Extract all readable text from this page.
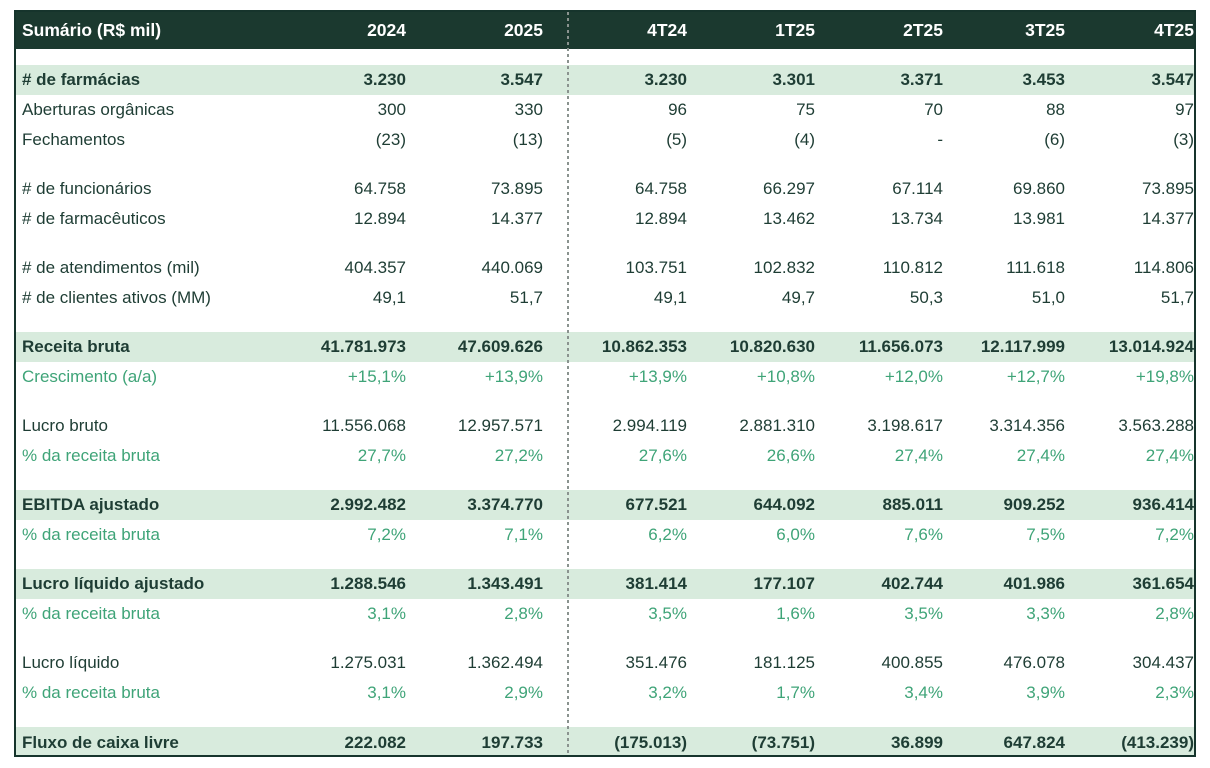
Sumário (R$ mil)	2024	2025	4T24	1T25	2T25	3T25	4T25
# de farmácias	3.230	3.547	3.230	3.301	3.371	3.453	3.547
Aberturas orgânicas	300	330	96	75	70	88	97
Fechamentos	(23)	(13)	(5)	(4)	-	(6)	(3)
# de funcionários	64.758	73.895	64.758	66.297	67.114	69.860	73.895
# de farmacêuticos	12.894	14.377	12.894	13.462	13.734	13.981	14.377
# de atendimentos (mil)	404.357	440.069	103.751	102.832	110.812	111.618	114.806
# de clientes ativos (MM)	49,1	51,7	49,1	49,7	50,3	51,0	51,7
Receita bruta	41.781.973	47.609.626	10.862.353	10.820.630	11.656.073	12.117.999	13.014.924
Crescimento (a/a)	+15,1%	+13,9%	+13,9%	+10,8%	+12,0%	+12,7%	+19,8%
Lucro bruto	11.556.068	12.957.571	2.994.119	2.881.310	3.198.617	3.314.356	3.563.288
% da receita bruta	27,7%	27,2%	27,6%	26,6%	27,4%	27,4%	27,4%
EBITDA ajustado	2.992.482	3.374.770	677.521	644.092	885.011	909.252	936.414
% da receita bruta	7,2%	7,1%	6,2%	6,0%	7,6%	7,5%	7,2%
Lucro líquido ajustado	1.288.546	1.343.491	381.414	177.107	402.744	401.986	361.654
% da receita bruta	3,1%	2,8%	3,5%	1,6%	3,5%	3,3%	2,8%
Lucro líquido	1.275.031	1.362.494	351.476	181.125	400.855	476.078	304.437
% da receita bruta	3,1%	2,9%	3,2%	1,7%	3,4%	3,9%	2,3%
Fluxo de caixa livre	222.082	197.733	(175.013)	(73.751)	36.899	647.824	(413.239)
